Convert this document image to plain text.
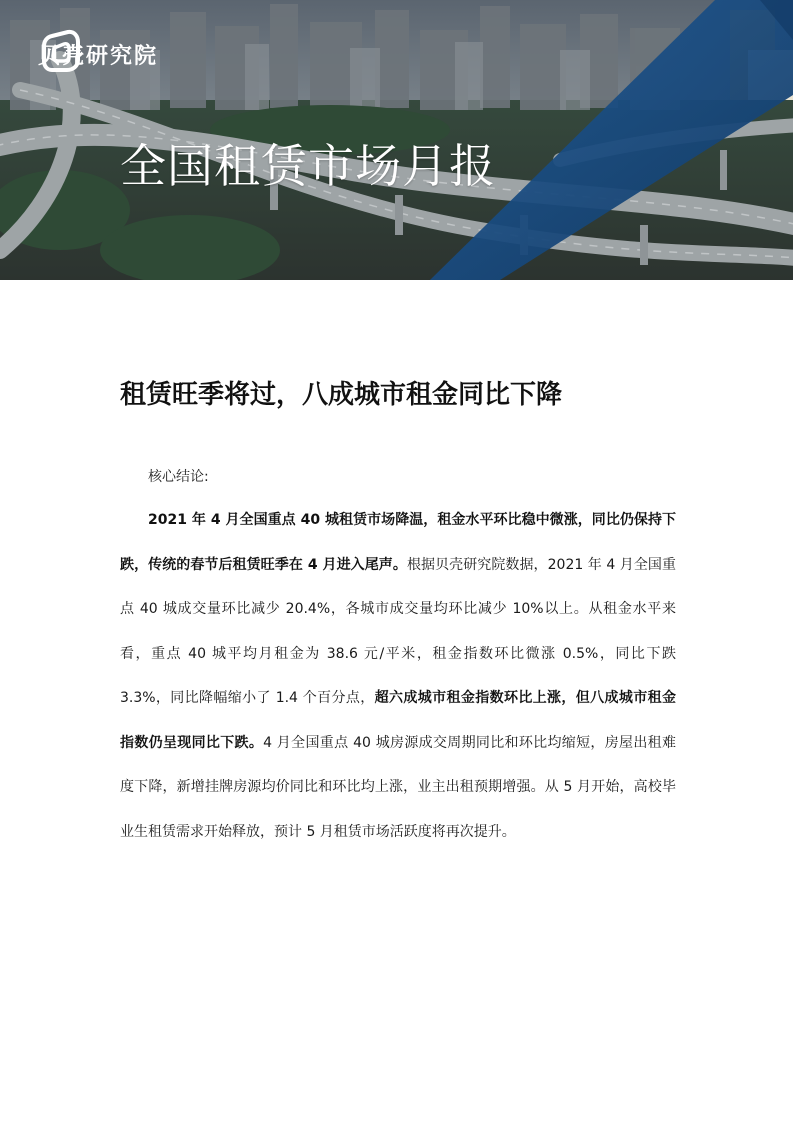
贝壳研究院
全国租赁市场月报
租赁旺季将过，八成城市租金同比下降
核心结论:
2021 年 4 月全国重点 40 城租赁市场降温，租金水平环比稳中微涨，同比仍保持下跌，传统的春节后租赁旺季在 4 月进入尾声。根据贝壳研究院数据，2021 年 4 月全国重点 40 城成交量环比减少 20.4%，各城市成交量均环比减少 10%以上。从租金水平来看，重点 40 城平均月租金为 38.6 元/平米，租金指数环比微涨 0.5%，同比下跌 3.3%，同比降幅缩小了 1.4 个百分点，超六成城市租金指数环比上涨，但八成城市租金指数仍呈现同比下跌。4 月全国重点 40 城房源成交周期同比和环比均缩短，房屋出租难度下降，新增挂牌房源均价同比和环比均上涨，业主出租预期增强。从 5 月开始，高校毕业生租赁需求开始释放，预计 5 月租赁市场活跃度将再次提升。
